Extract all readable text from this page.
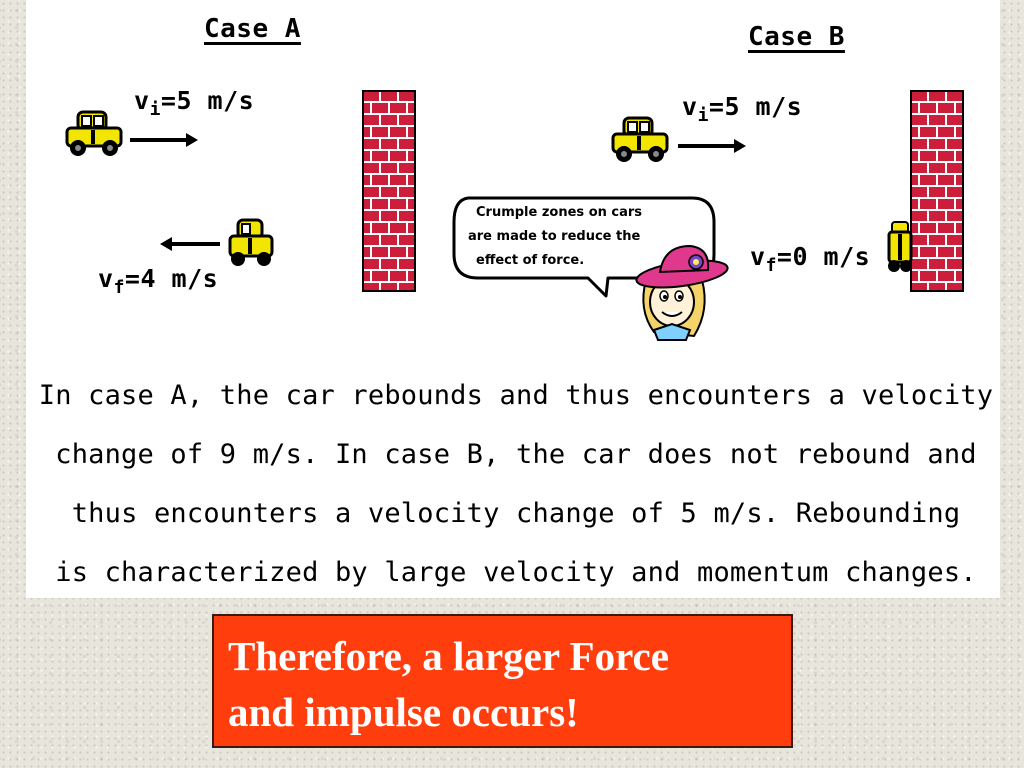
Case A	Case B
$v_i=5$ m/s
$v_f=4$ m/s
$v_i=5$ m/s
$v_f=0$ m/s
Crumple zones on cars
are made to reduce the
effect of force.
In case A, the car rebounds and thus encounters a velocity
change of 9 m/s. In case B, the car does not rebound and
thus encounters a velocity change of 5 m/s. Rebounding
is characterized by large velocity and momentum changes.
Therefore, a larger Force
and impulse occurs!
